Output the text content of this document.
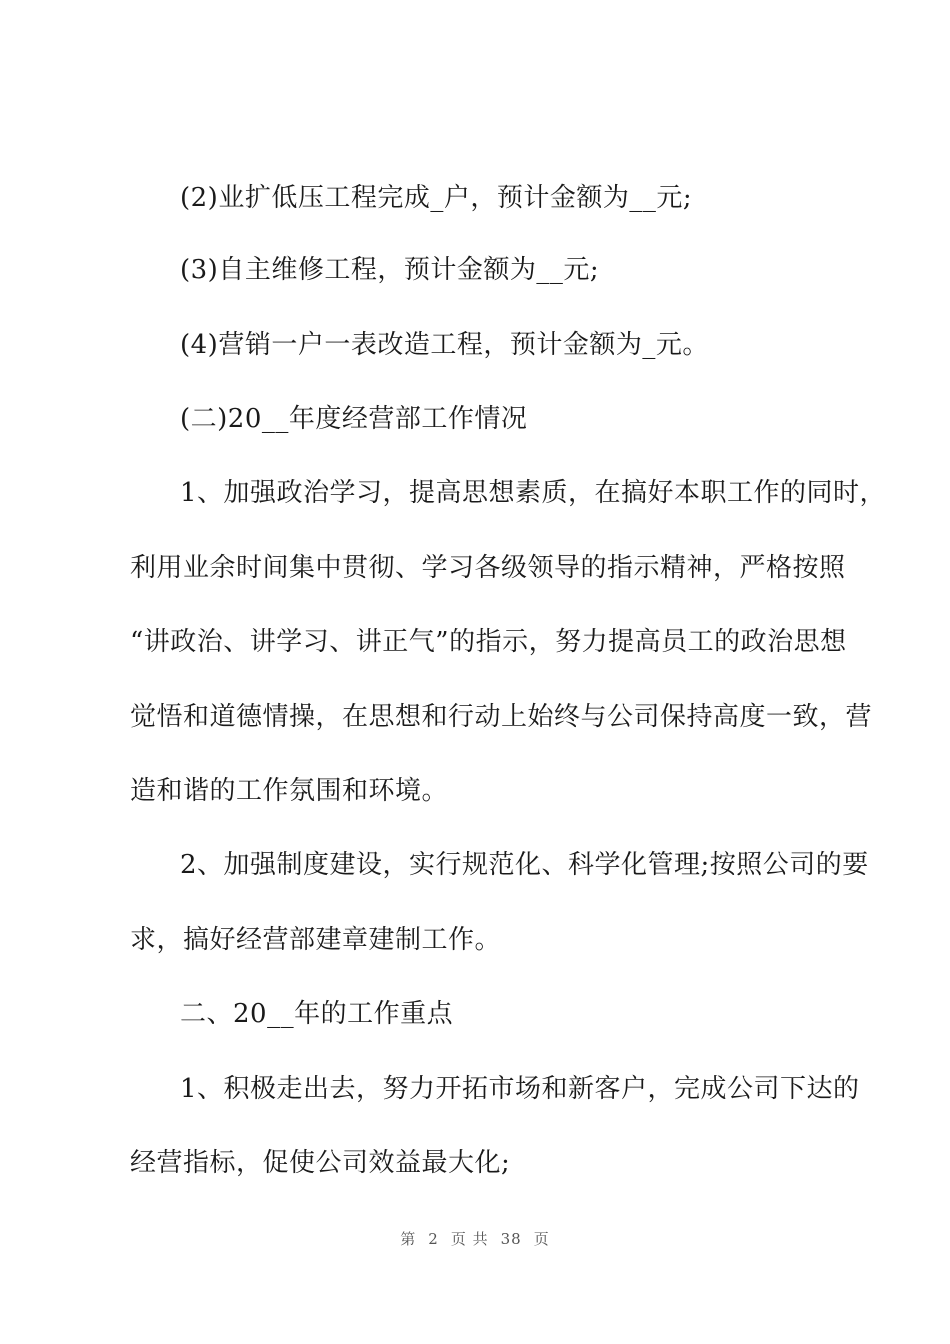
(2)业扩低压工程完成_户，预计金额为__元;
(3)自主维修工程，预计金额为__元;
(4)营销一户一表改造工程，预计金额为_元。
(二)20__年度经营部工作情况
1、加强政治学习，提高思想素质，在搞好本职工作的同时，
利用业余时间集中贯彻、学习各级领导的指示精神，严格按照
“讲政治、讲学习、讲正气”的指示，努力提高员工的政治思想
觉悟和道德情操，在思想和行动上始终与公司保持高度一致，营
造和谐的工作氛围和环境。
2、加强制度建设，实行规范化、科学化管理;按照公司的要
求，搞好经营部建章建制工作。
二、20__年的工作重点
1、积极走出去，努力开拓市场和新客户，完成公司下达的
经营指标，促使公司效益最大化;
第 2 页 共 38 页
